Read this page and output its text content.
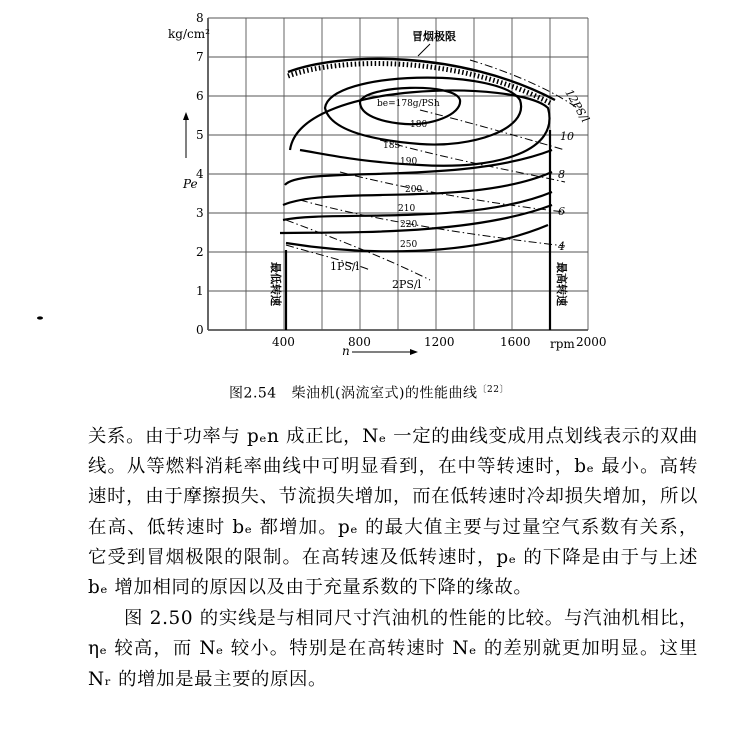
0
1
2
3
4
5
6
7
8
400	800	1200	1600	2000
kg/cm²
Pe
n	rpm
最低转速	最高转速
冒烟极限
180
185
190
200
210
220
250
be=178g/PSh	12PS/l
10
8
6
4
1PS/l
2PS/l
图2.54 柴油机(涡流室式)的性能曲线$^{〔22〕}$

关系。由于功率与 pₑn 成正比，Nₑ 一定的曲线变成用点划线表示的双曲线。从等燃料消耗率曲线中可明显看到，在中等转速时，bₑ 最小。高转速时，由于摩擦损失、节流损失增加，而在低转速时冷却损失增加，所以在高、低转速时 bₑ 都增加。pₑ 的最大值主要与过量空气系数有关系，它受到冒烟极限的限制。在高转速及低转速时，pₑ 的下降是由于与上述 bₑ 增加相同的原因以及由于充量系数的下降的缘故。

图 2.50 的实线是与相同尺寸汽油机的性能的比较。与汽油机相比，ηₑ 较高，而 Nₑ 较小。特别是在高转速时 Nₑ 的差别就更加明显。这里 Nᵣ 的增加是最主要的原因。
